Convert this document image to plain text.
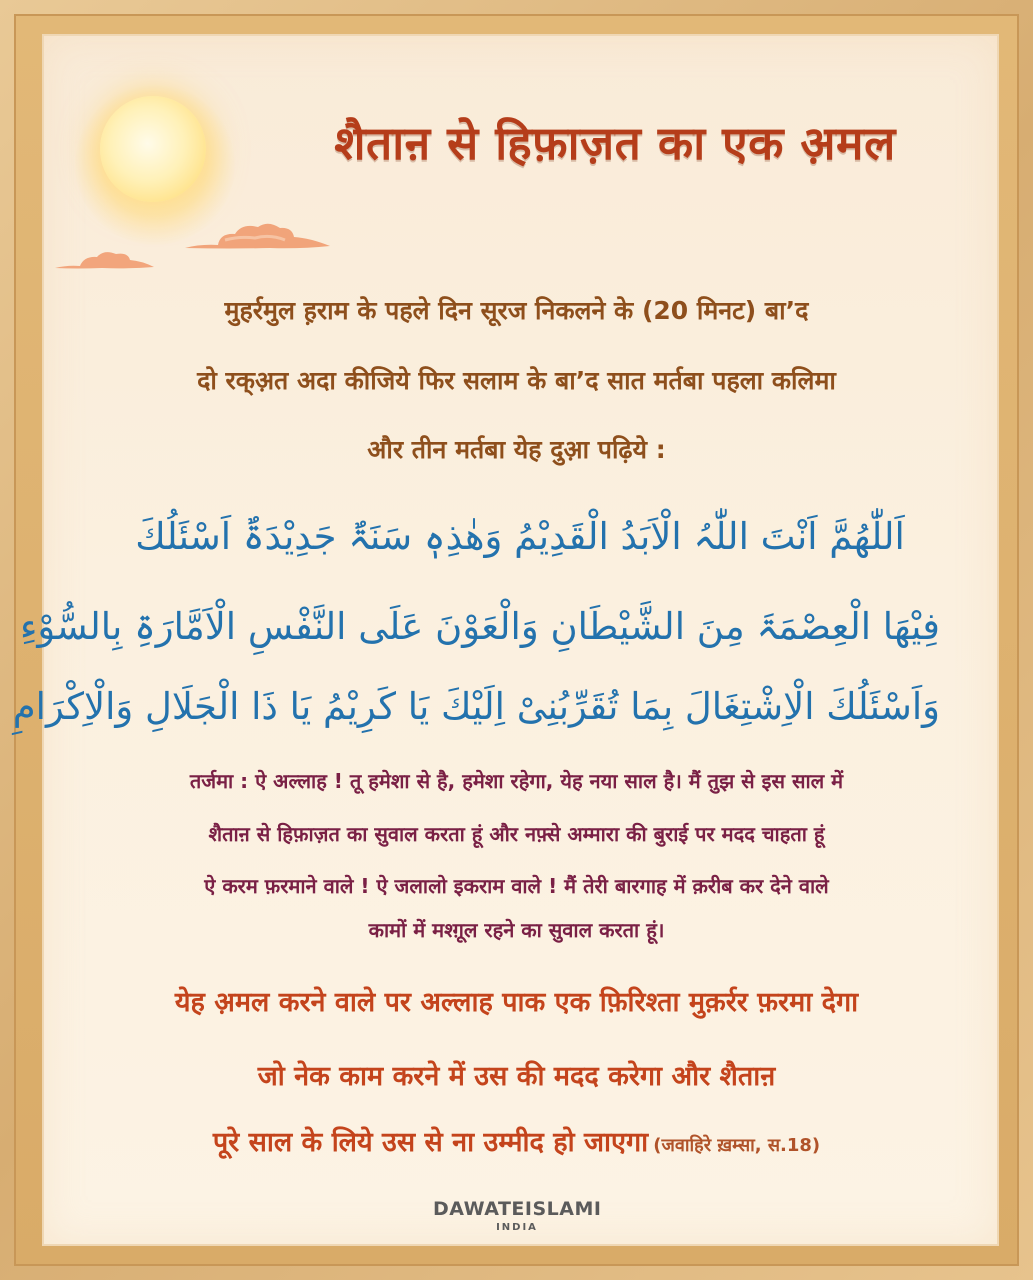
शैताऩ से हिफ़ाज़त का एक अ़मल

मुहर्रमुल ह़राम के पहले दिन सूरज निकलने के (20 मिनट) बा’द

दो रक्अ़त अदा कीजिये फिर सलाम के बा’द सात मर्तबा पहला कलिमा

और तीन मर्तबा येह दुआ़ पढ़िये :

اَللّٰھُمَّ اَنْتَ اللّٰہُ الْاَبَدُ الْقَدِیْمُ وَھٰذِہٖ سَنَۃٌ جَدِیْدَۃٌ اَسْئَلُكَ

فِیْھَا الْعِصْمَۃَ مِنَ الشَّیْطَانِ وَالْعَوْنَ عَلَى النَّفْسِ الْاَمَّارَۃِ بِالسُّوْءِ

وَاَسْئَلُكَ الْاِشْتِغَالَ بِمَا تُقَرِّبُنِیْ اِلَیْكَ یَا كَرِیْمُ یَا ذَا الْجَلَالِ وَالْاِكْرَامِ

तर्जमा : ऐ अल्लाह ! तू हमेशा से है, हमेशा रहेगा, येह नया साल है। मैं तुझ से इस साल में

शैताऩ से हिफ़ाज़त का सुवाल करता हूं और नफ़्से अम्मारा की बुराई पर मदद चाहता हूं

ऐ करम फ़रमाने वाले ! ऐ जलालो इकराम वाले ! मैं तेरी बारगाह में क़रीब कर देने वाले

कामों में मश्ग़ूल रहने का सुवाल करता हूं।

येह अ़मल करने वाले पर अल्लाह पाक एक फ़िरिश्ता मुक़र्रर फ़रमा देगा

जो नेक काम करने में उस की मदद करेगा और शैताऩ

पूरे साल के लिये उस से ना उम्मीद हो जाएगा (जवाहिरे ख़म्सा, स.18)

DAWATEISLAMI
INDIA
